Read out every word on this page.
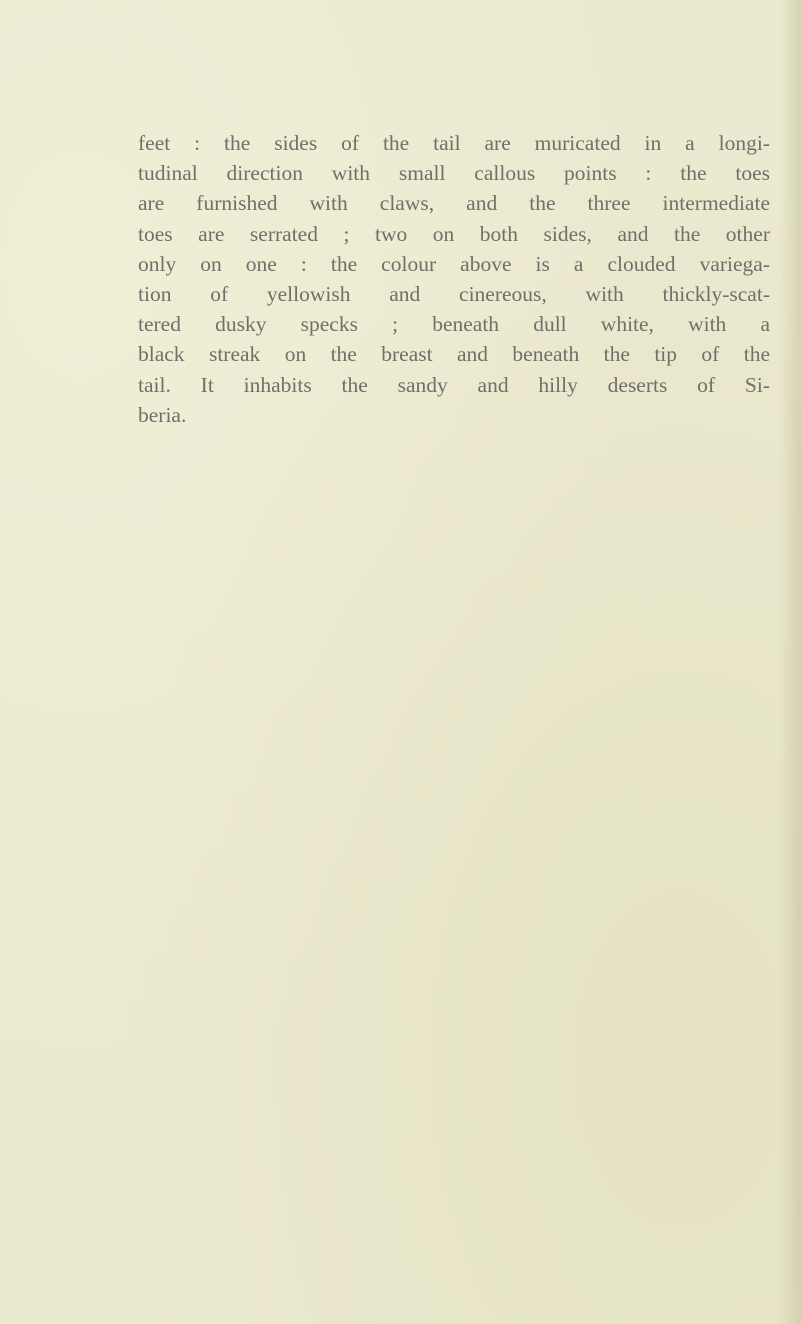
feet : the sides of the tail are muricated in a longi-
tudinal direction with small callous points : the toes
are furnished with claws, and the three intermediate
toes are serrated ; two on both sides, and the other
only on one : the colour above is a clouded variega-
tion of yellowish and cinereous, with thickly-scat-
tered dusky specks ; beneath dull white, with a
black streak on the breast and beneath the tip of the
tail. It inhabits the sandy and hilly deserts of Si-
beria.
